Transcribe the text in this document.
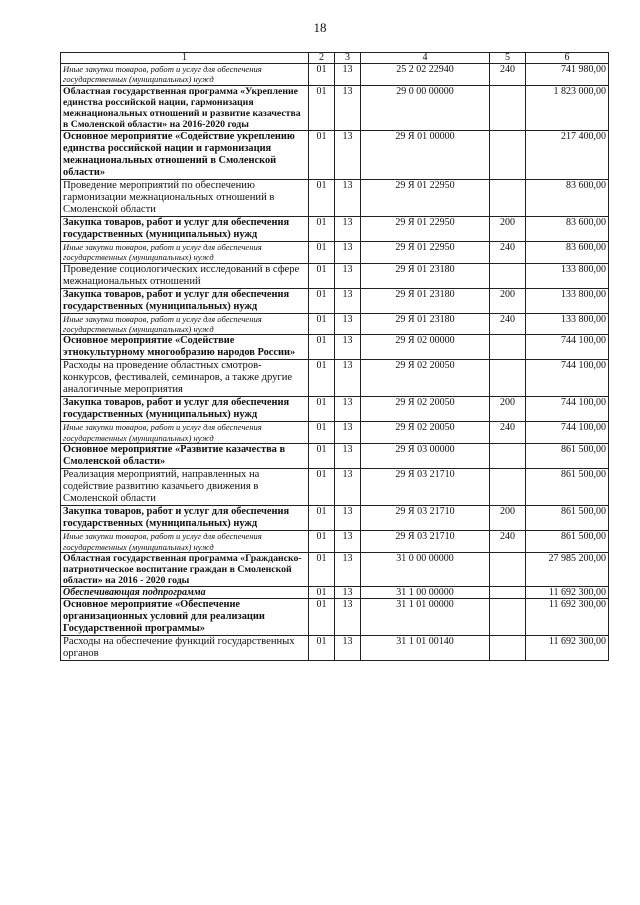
18
1	2	3	4	5	6
Иные закупки товаров, работ и услуг для обеспечения государственных (муниципальных) нужд	01	13	25 2 02 22940	240	741 980,00
Областная государственная программа «Укрепление единства российской нации, гармонизация межнациональных отношений и развитие казачества в Смоленской области» на 2016-2020 годы	01	13	29 0 00 00000		1 823 000,00
Основное мероприятие «Содействие укреплению единства российской нации и гармонизация межнациональных отношений в Смоленской области»	01	13	29 Я 01 00000		217 400,00
Проведение мероприятий по обеспечению гармонизации межнациональных отношений в Смоленской области	01	13	29 Я 01 22950		83 600,00
Закупка товаров, работ и услуг для обеспечения государственных (муниципальных) нужд	01	13	29 Я 01 22950	200	83 600,00
Иные закупки товаров, работ и услуг для обеспечения государственных (муниципальных) нужд	01	13	29 Я 01 22950	240	83 600,00
Проведение социологических исследований в сфере межнациональных отношений	01	13	29 Я 01 23180		133 800,00
Закупка товаров, работ и услуг для обеспечения государственных (муниципальных) нужд	01	13	29 Я 01 23180	200	133 800,00
Иные закупки товаров, работ и услуг для обеспечения государственных (муниципальных) нужд	01	13	29 Я 01 23180	240	133 800,00
Основное мероприятие «Содействие этнокультурному многообразию народов России»	01	13	29 Я 02 00000		744 100,00
Расходы на проведение областных смотров-конкурсов, фестивалей, семинаров, а также другие аналогичные мероприятия	01	13	29 Я 02 20050		744 100,00
Закупка товаров, работ и услуг для обеспечения государственных (муниципальных) нужд	01	13	29 Я 02 20050	200	744 100,00
Иные закупки товаров, работ и услуг для обеспечения государственных (муниципальных) нужд	01	13	29 Я 02 20050	240	744 100,00
Основное мероприятие «Развитие казачества в Смоленской области»	01	13	29 Я 03 00000		861 500,00
Реализация мероприятий, направленных на содействие развитию казачьего движения в Смоленской области	01	13	29 Я 03 21710		861 500,00
Закупка товаров, работ и услуг для обеспечения государственных (муниципальных) нужд	01	13	29 Я 03 21710	200	861 500,00
Иные закупки товаров, работ и услуг для обеспечения государственных (муниципальных) нужд	01	13	29 Я 03 21710	240	861 500,00
Областная государственная программа «Гражданско-патриотическое воспитание граждан в Смоленской области» на 2016 - 2020 годы	01	13	31 0 00 00000		27 985 200,00
Обеспечивающая подпрограмма	01	13	31 1 00 00000		11 692 300,00
Основное мероприятие «Обеспечение организационных условий для реализации Государственной программы»	01	13	31 1 01 00000		11 692 300,00
Расходы на обеспечение функций государственных органов	01	13	31 1 01 00140		11 692 300,00
